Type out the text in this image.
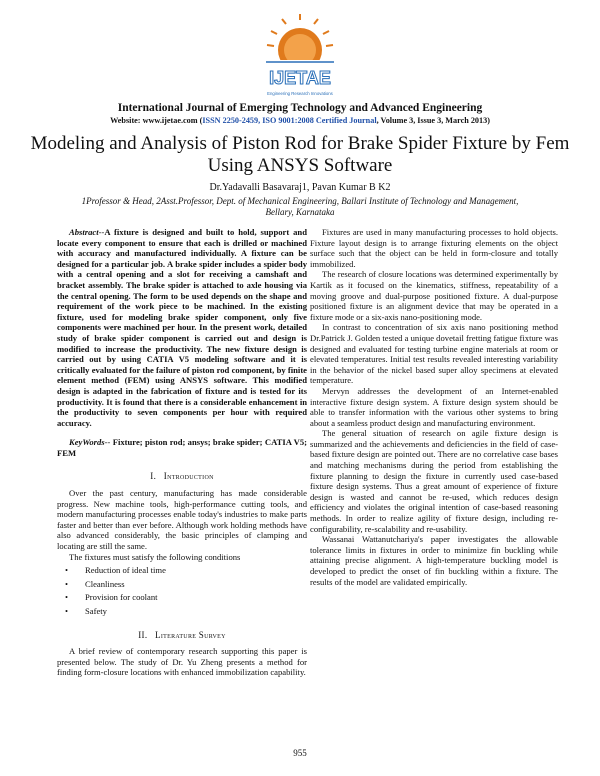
IJETAE
Engineering Research Innovations
International Journal of Emerging Technology and Advanced Engineering
Website: www.ijetae.com (ISSN 2250-2459, ISO 9001:2008 Certified Journal, Volume 3, Issue 3, March 2013)
Modeling and Analysis of Piston Rod for Brake Spider Fixture by Fem Using ANSYS Software
Dr.Yadavalli Basavaraj1, Pavan Kumar B K2
1Professor & Head, 2Asst.Professor, Dept. of Mechanical Engineering, Ballari Institute of Technology and Management, Bellary, Karnataka

Abstract--A fixture is designed and built to hold, support and locate every component to ensure that each is drilled or machined with accuracy and manufactured individually. A fixture can be designed for a particular job. A brake spider includes a spider body with a central opening and a slot for receiving a camshaft and bracket assembly. The brake spider is attached to axle housing via the central opening. The form to be used depends on the shape and requirement of the work piece to be machined. In the existing fixture, used for modeling brake spider component, only five components were machined per hour. In the present work, detailed study of brake spider component is carried out and design is modified to increase the productivity. The new fixture design is carried out by using CATIA V5 modeling software and it is critically evaluated for the failure of piston rod component, by finite element method (FEM) using ANSYS software. This modified design is adapted in the fabrication of fixture and is tested for its productivity. It is found that there is a considerable enhancement in the productivity to seven components per hour with required accuracy.

KeyWords-- Fixture; piston rod; ansys; brake spider; CATIA V5; FEM

I. Introduction

Over the past century, manufacturing has made considerable progress. New machine tools, high-performance cutting tools, and modern manufacturing processes enable today's industries to make parts faster and better than ever before. Although work holding methods have also advanced considerably, the basic principles of clamping and locating are still the same.

The fixtures must satisfy the following conditions

• Reduction of ideal time
• Cleanliness
• Provision for coolant
• Safety
II. Literature Survey

A brief review of contemporary research supporting this paper is presented below. The study of Dr. Yu Zheng presents a method for finding form-closure locations with enhanced immobilization capability.

Fixtures are used in many manufacturing processes to hold objects. Fixture layout design is to arrange fixturing elements on the object surface such that the object can be held in form-closure and totally immobilized.

The research of closure locations was determined experimentally by Kartik as it focused on the kinematics, stiffness, repeatability of a moving groove and dual-purpose positioned fixture. A dual-purpose positioned fixture is an alignment device that may be operated in a fixture mode or a six-axis nano-positioning mode.

In contrast to concentration of six axis nano positioning method Dr.Patrick J. Golden tested a unique dovetail fretting fatigue fixture was designed and evaluated for testing turbine engine materials at room or elevated temperatures. Initial test results revealed interesting variability in the behavior of the nickel based super alloy specimens at elevated temperature.

Mervyn addresses the development of an Internet-enabled interactive fixture design system. A fixture design system should be able to transfer information with the various other systems to bring about a seamless product design and manufacturing environment.

The general situation of research on agile fixture design is summarized and the achievements and deficiencies in the field of case-based fixture design are pointed out. There are no correlative case bases and matching mechanisms during the period from establishing the fixture planning to design the fixture in currently used case-based fixture design systems. Thus a great amount of experience of fixture design is wasted and cannot be re-used, which reduces design efficiency and violates the original intention of case-based reasoning methods. In order to realize agility of fixture design, including re-configurability, re-scalability and re-usability.

Wassanai Wattanutchariya's paper investigates the allowable tolerance limits in fixtures in order to minimize fin buckling while attaining precise alignment. A high-temperature buckling model is developed to predict the onset of fin buckling within a fixture. The results of the model are validated empirically.

955
